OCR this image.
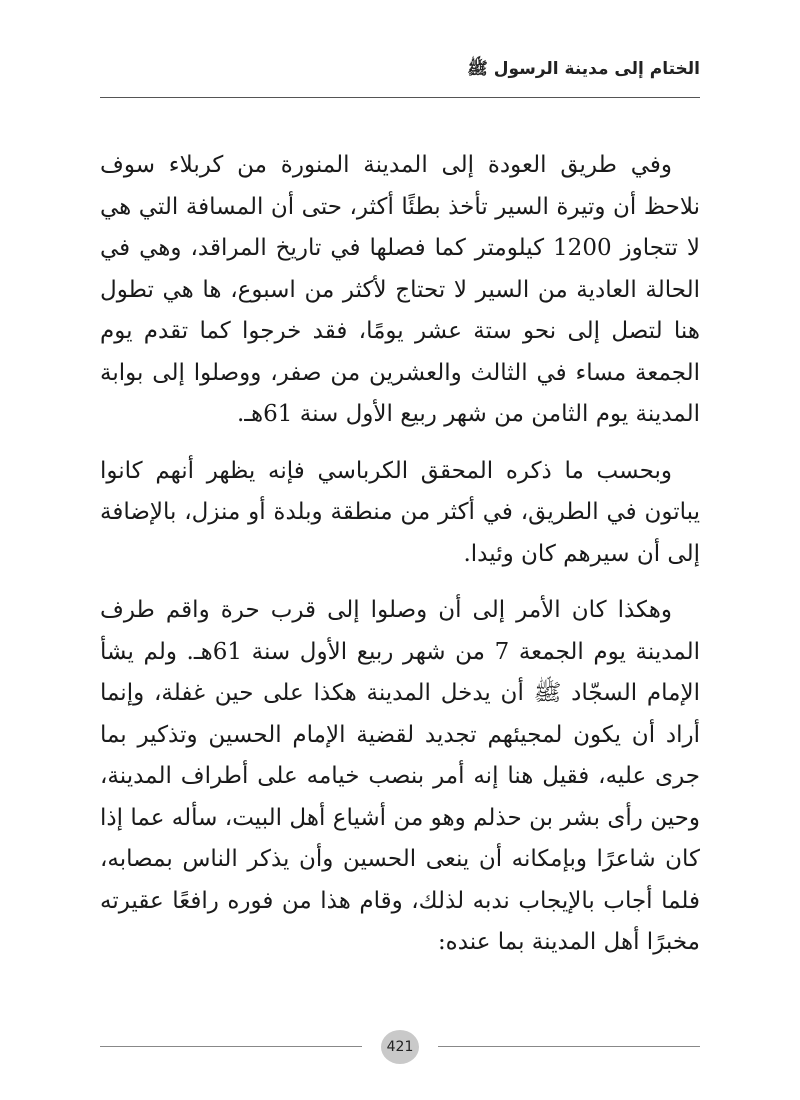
الختام إلى مدينة الرسول ﷺ

وفي طريق العودة إلى المدينة المنورة من كربلاء سوف نلاحظ أن وتيرة السير تأخذ بطئًا أكثر، حتى أن المسافة التي هي لا تتجاوز 1200 كيلومتر كما فصلها في تاريخ المراقد، وهي في الحالة العادية من السير لا تحتاج لأكثر من اسبوع، ها هي تطول هنا لتصل إلى نحو ستة عشر يومًا، فقد خرجوا كما تقدم يوم الجمعة مساء في الثالث والعشرين من صفر، ووصلوا إلى بوابة المدينة يوم الثامن من شهر ربيع الأول سنة 61هـ.

وبحسب ما ذكره المحقق الكرباسي فإنه يظهر أنهم كانوا يباتون في الطريق، في أكثر من منطقة وبلدة أو منزل، بالإضافة إلى أن سيرهم كان وئيدا.

وهكذا كان الأمر إلى أن وصلوا إلى قرب حرة واقم طرف المدينة يوم الجمعة 7 من شهر ربيع الأول سنة 61هـ. ولم يشأ الإمام السجّاد ﷺ أن يدخل المدينة هكذا على حين غفلة، وإنما أراد أن يكون لمجيئهم تجديد لقضية الإمام الحسين وتذكير بما جرى عليه، فقيل هنا إنه أمر بنصب خيامه على أطراف المدينة، وحين رأى بشر بن حذلم وهو من أشياع أهل البيت، سأله عما إذا كان شاعرًا وبإمكانه أن ينعى الحسين وأن يذكر الناس بمصابه، فلما أجاب بالإيجاب ندبه لذلك، وقام هذا من فوره رافعًا عقيرته مخبرًا أهل المدينة بما عنده:

421
